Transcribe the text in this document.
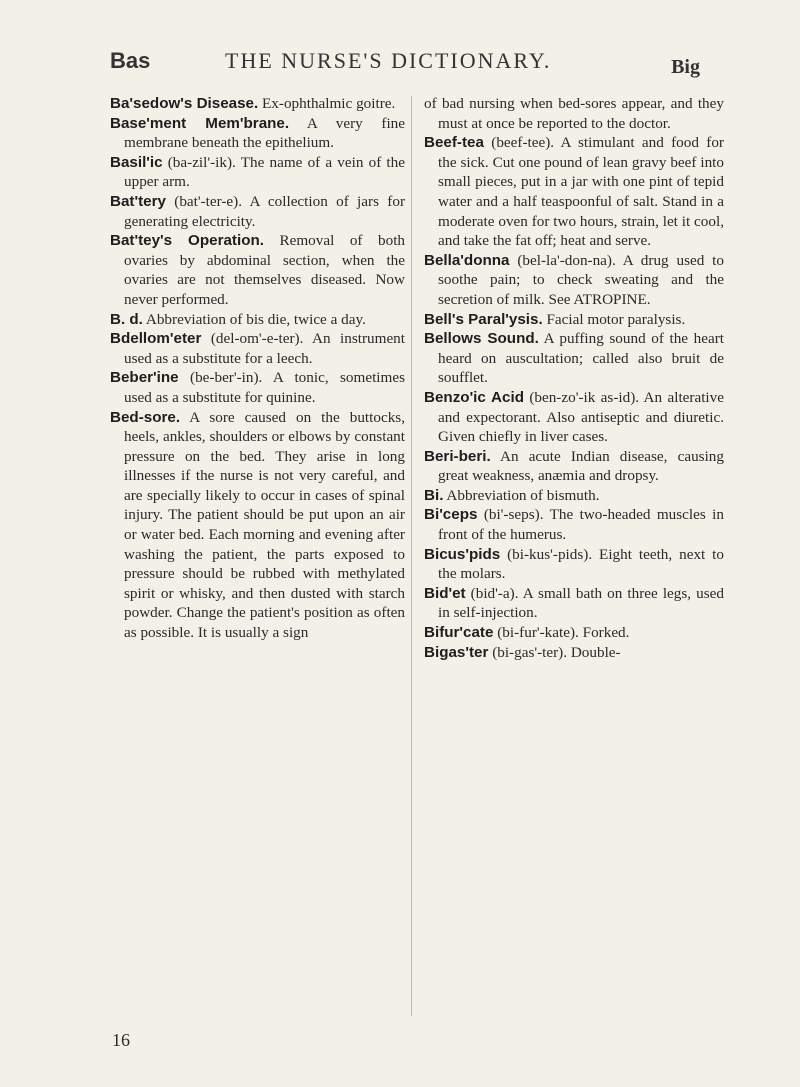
Bas	THE NURSE'S DICTIONARY.	Big

Ba'sedow's Disease. Ex-ophthalmic goitre.

Base'ment Mem'brane. A very fine membrane beneath the epithelium.

Basil'ic (ba-zil'-ik). The name of a vein of the upper arm.

Bat'tery (bat'-ter-e). A collection of jars for generating electricity.

Bat'tey's Operation. Removal of both ovaries by abdominal section, when the ovaries are not themselves diseased. Now never performed.

B. d. Abbreviation of bis die, twice a day.

Bdellom'eter (del-om'-e-ter). An instrument used as a substitute for a leech.

Beber'ine (be-ber'-in). A tonic, sometimes used as a substitute for quinine.

Bed-sore. A sore caused on the buttocks, heels, ankles, shoulders or elbows by constant pressure on the bed. They arise in long illnesses if the nurse is not very careful, and are specially likely to occur in cases of spinal injury. The patient should be put upon an air or water bed. Each morning and evening after washing the patient, the parts exposed to pressure should be rubbed with methylated spirit or whisky, and then dusted with starch powder. Change the patient's position as often as possible. It is usually a sign

of bad nursing when bed-sores appear, and they must at once be reported to the doctor.

Beef-tea (beef-tee). A stimulant and food for the sick. Cut one pound of lean gravy beef into small pieces, put in a jar with one pint of tepid water and a half teaspoonful of salt. Stand in a moderate oven for two hours, strain, let it cool, and take the fat off; heat and serve.

Bella'donna (bel-la'-don-na). A drug used to soothe pain; to check sweating and the secretion of milk. See ATROPINE.

Bell's Paral'ysis. Facial motor paralysis.

Bellows Sound. A puffing sound of the heart heard on auscultation; called also bruit de soufflet.

Benzo'ic Acid (ben-zo'-ik as-id). An alterative and expectorant. Also antiseptic and diuretic. Given chiefly in liver cases.

Beri-beri. An acute Indian disease, causing great weakness, anæmia and dropsy.

Bi. Abbreviation of bismuth.

Bi'ceps (bi'-seps). The two-headed muscles in front of the humerus.

Bicus'pids (bi-kus'-pids). Eight teeth, next to the molars.

Bid'et (bid'-a). A small bath on three legs, used in self-injection.

Bifur'cate (bi-fur'-kate). Forked.

Bigas'ter (bi-gas'-ter). Double-

16
